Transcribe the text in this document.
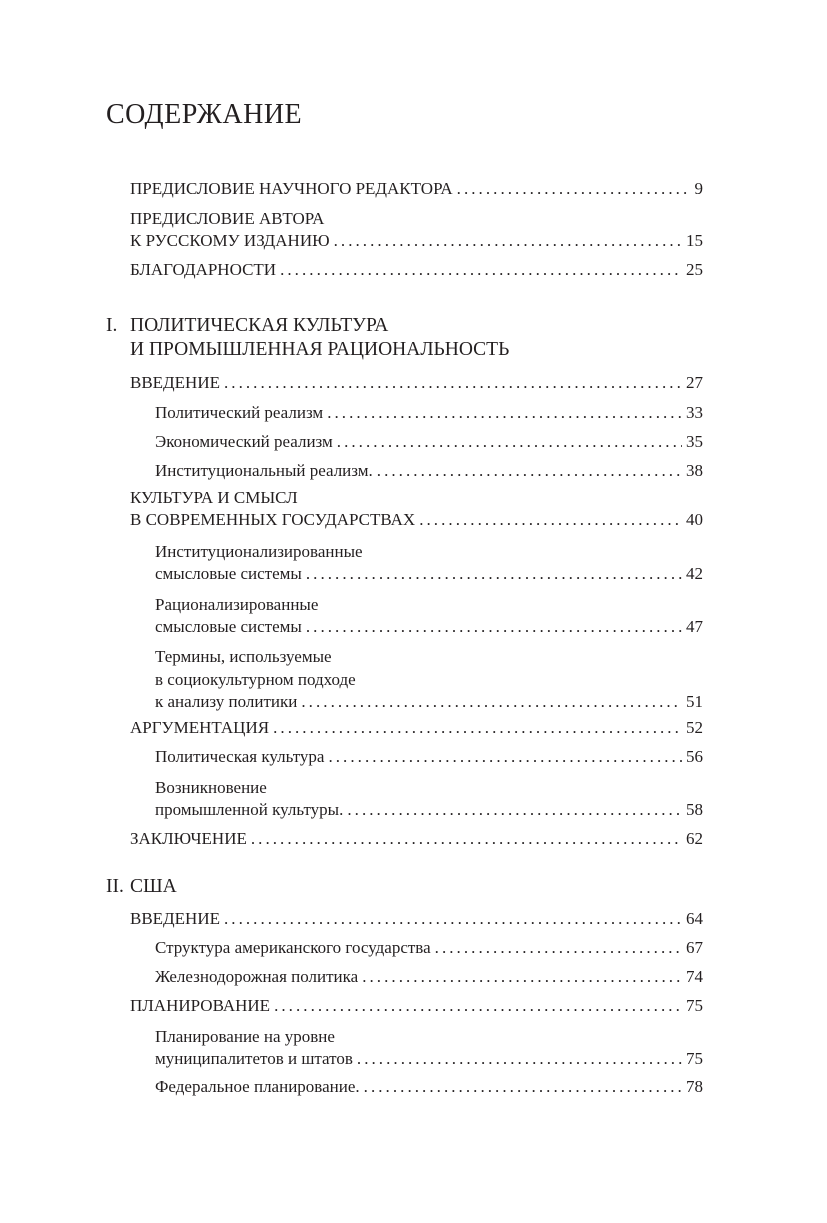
СОДЕРЖАНИЕ
I. ПОЛИТИЧЕСКАЯ КУЛЬТУРА
И ПРОМЫШЛЕННАЯ РАЦИОНАЛЬНОСТЬ
II. США
ПРЕДИСЛОВИЕ НАУЧНОГО РЕДАКТОРА . . .	9
ПРЕДИСЛОВИЕ АВТОРА
К РУССКОМУ ИЗДАНИЮ . . .	15
БЛАГОДАРНОСТИ . . .	25
ВВЕДЕНИЕ . . .	27
Политический реализм . . .	33
Экономический реализм . . .	35
Институциональный реализм. . . .	38
КУЛЬТУРА И СМЫСЛ
В СОВРЕМЕННЫХ ГОСУДАРСТВАХ . . .	40
Институционализированные
смысловые системы . . .	42
Рационализированные
смысловые системы . . .	47
Термины, используемые
в социокультурном подходе
к анализу политики . . .	51
АРГУМЕНТАЦИЯ . . .	52
Политическая культура . . .	56
Возникновение
промышленной культуры. . . .	58
ЗАКЛЮЧЕНИЕ . . .	62
ВВЕДЕНИЕ . . .	64
Структура американского государства . . .	67
Железнодорожная политика . . .	74
ПЛАНИРОВАНИЕ . . .	75
Планирование на уровне
муниципалитетов и штатов . . .	75
Федеральное планирование. . . .	78
